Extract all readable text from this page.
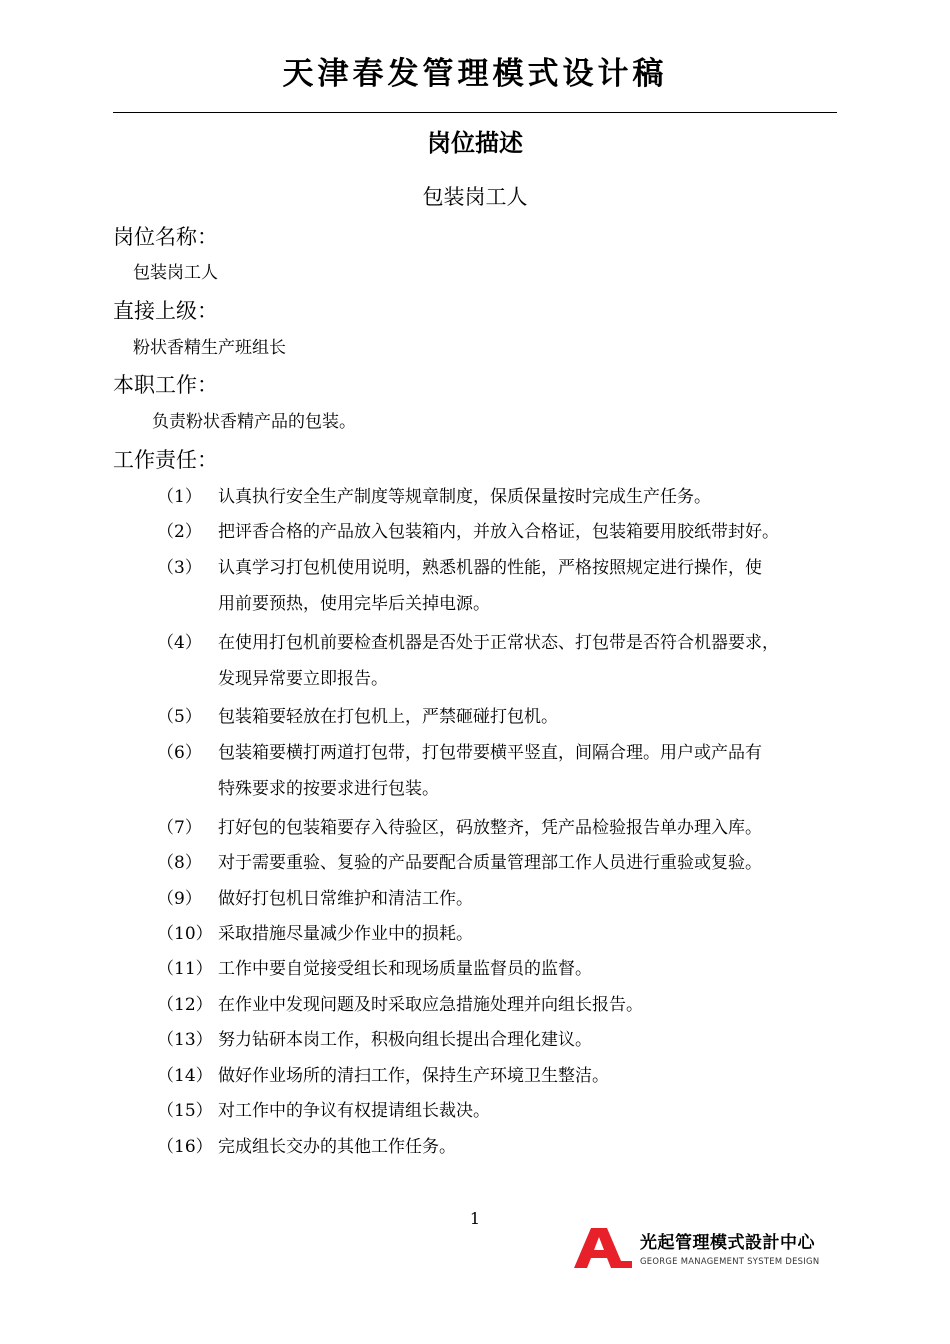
天津春发管理模式设计稿
岗位描述
包装岗工人
岗位名称：
包装岗工人
直接上级：
粉状香精生产班组长
本职工作：
负责粉状香精产品的包装。
工作责任：
（1） 认真执行安全生产制度等规章制度，保质保量按时完成生产任务。
（2） 把评香合格的产品放入包装箱内，并放入合格证，包装箱要用胶纸带封好。
（3） 认真学习打包机使用说明，熟悉机器的性能，严格按照规定进行操作，使
用前要预热，使用完毕后关掉电源。
（4） 在使用打包机前要检查机器是否处于正常状态、打包带是否符合机器要求，
发现异常要立即报告。
（5） 包装箱要轻放在打包机上，严禁砸碰打包机。
（6） 包装箱要横打两道打包带，打包带要横平竖直，间隔合理。用户或产品有
特殊要求的按要求进行包装。
（7） 打好包的包装箱要存入待验区，码放整齐，凭产品检验报告单办理入库。
（8） 对于需要重验、复验的产品要配合质量管理部工作人员进行重验或复验。
（9） 做好打包机日常维护和清洁工作。
（10） 采取措施尽量减少作业中的损耗。
（11） 工作中要自觉接受组长和现场质量监督员的监督。
（12） 在作业中发现问题及时采取应急措施处理并向组长报告。
（13） 努力钻研本岗工作，积极向组长提出合理化建议。
（14） 做好作业场所的清扫工作，保持生产环境卫生整洁。
（15） 对工作中的争议有权提请组长裁决。
（16） 完成组长交办的其他工作任务。
1
光起管理模式設計中心
GEORGE MANAGEMENT SYSTEM DESIGN
